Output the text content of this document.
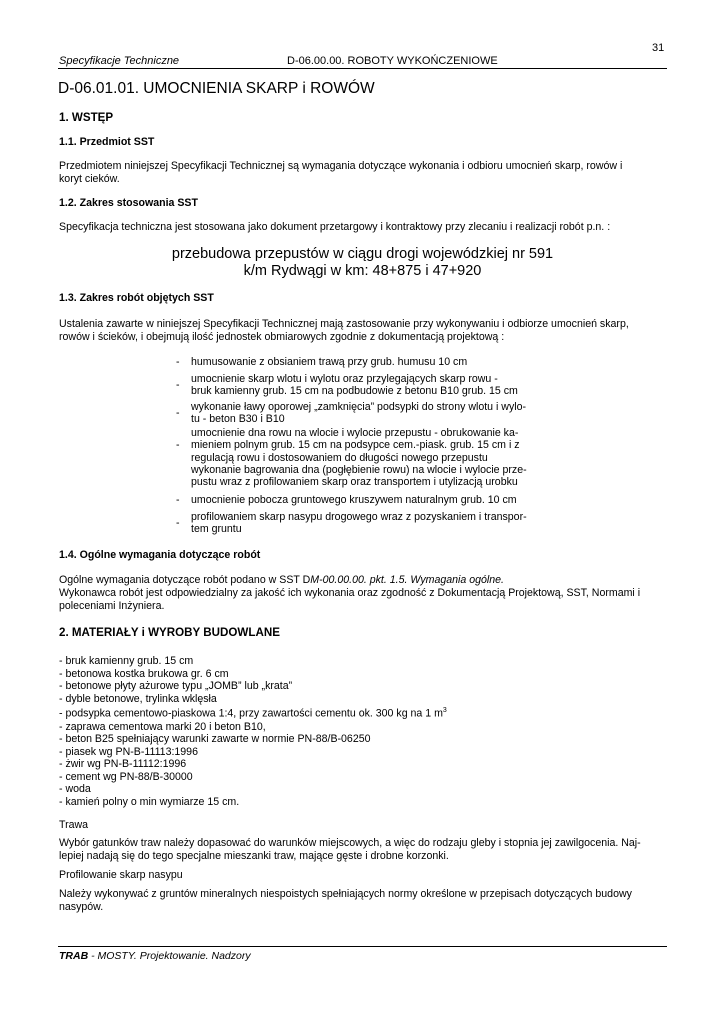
31
Specyfikacje Techniczne	D-06.00.00. ROBOTY WYKOŃCZENIOWE
D-06.01.01. UMOCNIENIA SKARP i ROWÓW
1. WSTĘP
1.1. Przedmiot SST
Przedmiotem niniejszej Specyfikacji Technicznej są wymagania dotyczące wykonania i odbioru umocnień skarp, rowów i
koryt cieków.
1.2. Zakres stosowania SST
Specyfikacja techniczna jest stosowana jako dokument przetargowy i kontraktowy przy zlecaniu i realizacji robót p.n. :
przebudowa przepustów w ciągu drogi wojewódzkiej nr 591
k/m Rydwągi w km: 48+875 i 47+920
1.3. Zakres robót objętych SST
Ustalenia zawarte w niniejszej Specyfikacji Technicznej mają zastosowanie przy wykonywaniu i odbiorze umocnień skarp,
rowów i ścieków, i obejmują ilość jednostek obmiarowych zgodnie z dokumentacją projektową :
- humusowanie z obsianiem trawą przy grub. humusu 10 cm
- umocnienie skarp wlotu i wylotu oraz przylegających skarp rowu -
bruk kamienny grub. 15 cm na podbudowie z betonu B10 grub. 15 cm
- wykonanie ławy oporowej „zamknięcia” podsypki do strony wlotu i wylo-
tu - beton B30 i B10
-
umocnienie dna rowu na wlocie i wylocie przepustu - obrukowanie ka-
mieniem polnym grub. 15 cm na podsypce cem.-piask. grub. 15 cm i z
regulacją rowu i dostosowaniem do długości nowego przepustu
wykonanie bagrowania dna (pogłębienie rowu) na wlocie i wylocie prze-
pustu wraz z profilowaniem skarp oraz transportem i utylizacją urobku
- umocnienie pobocza gruntowego kruszywem naturalnym grub. 10 cm
- profilowaniem skarp nasypu drogowego wraz z pozyskaniem i transpor-
tem gruntu
1.4. Ogólne wymagania dotyczące robót
Ogólne wymagania dotyczące robót podano w SST DM-00.00.00. pkt. 1.5. Wymagania ogólne.
Wykonawca robót jest odpowiedzialny za jakość ich wykonania oraz zgodność z Dokumentacją Projektową, SST, Normami i
poleceniami Inżyniera.
2. MATERIAŁY i WYROBY BUDOWLANE
- bruk kamienny grub. 15 cm
- betonowa kostka brukowa gr. 6 cm
- betonowe płyty ażurowe typu „JOMB” lub „krata”
- dyble betonowe, trylinka wklęsła
- podsypka cementowo-piaskowa 1:4, przy zawartości cementu ok. 300 kg na 1 $m^3$
- zaprawa cementowa marki 20 i beton B10,
- beton B25 spełniający warunki zawarte w normie PN-88/B-06250
- piasek wg PN-B-11113:1996
- żwir wg PN-B-11112:1996
- cement wg PN-88/B-30000
- woda
- kamień polny o min wymiarze 15 cm.
Trawa
Wybór gatunków traw należy dopasować do warunków miejscowych, a więc do rodzaju gleby i stopnia jej zawilgocenia. Naj-
lepiej nadają się do tego specjalne mieszanki traw, mające gęste i drobne korzonki.
Profilowanie skarp nasypu
Należy wykonywać z gruntów mineralnych niespoistych spełniających normy określone w przepisach dotyczących budowy
nasypów.
TRAB - MOSTY. Projektowanie. Nadzory
